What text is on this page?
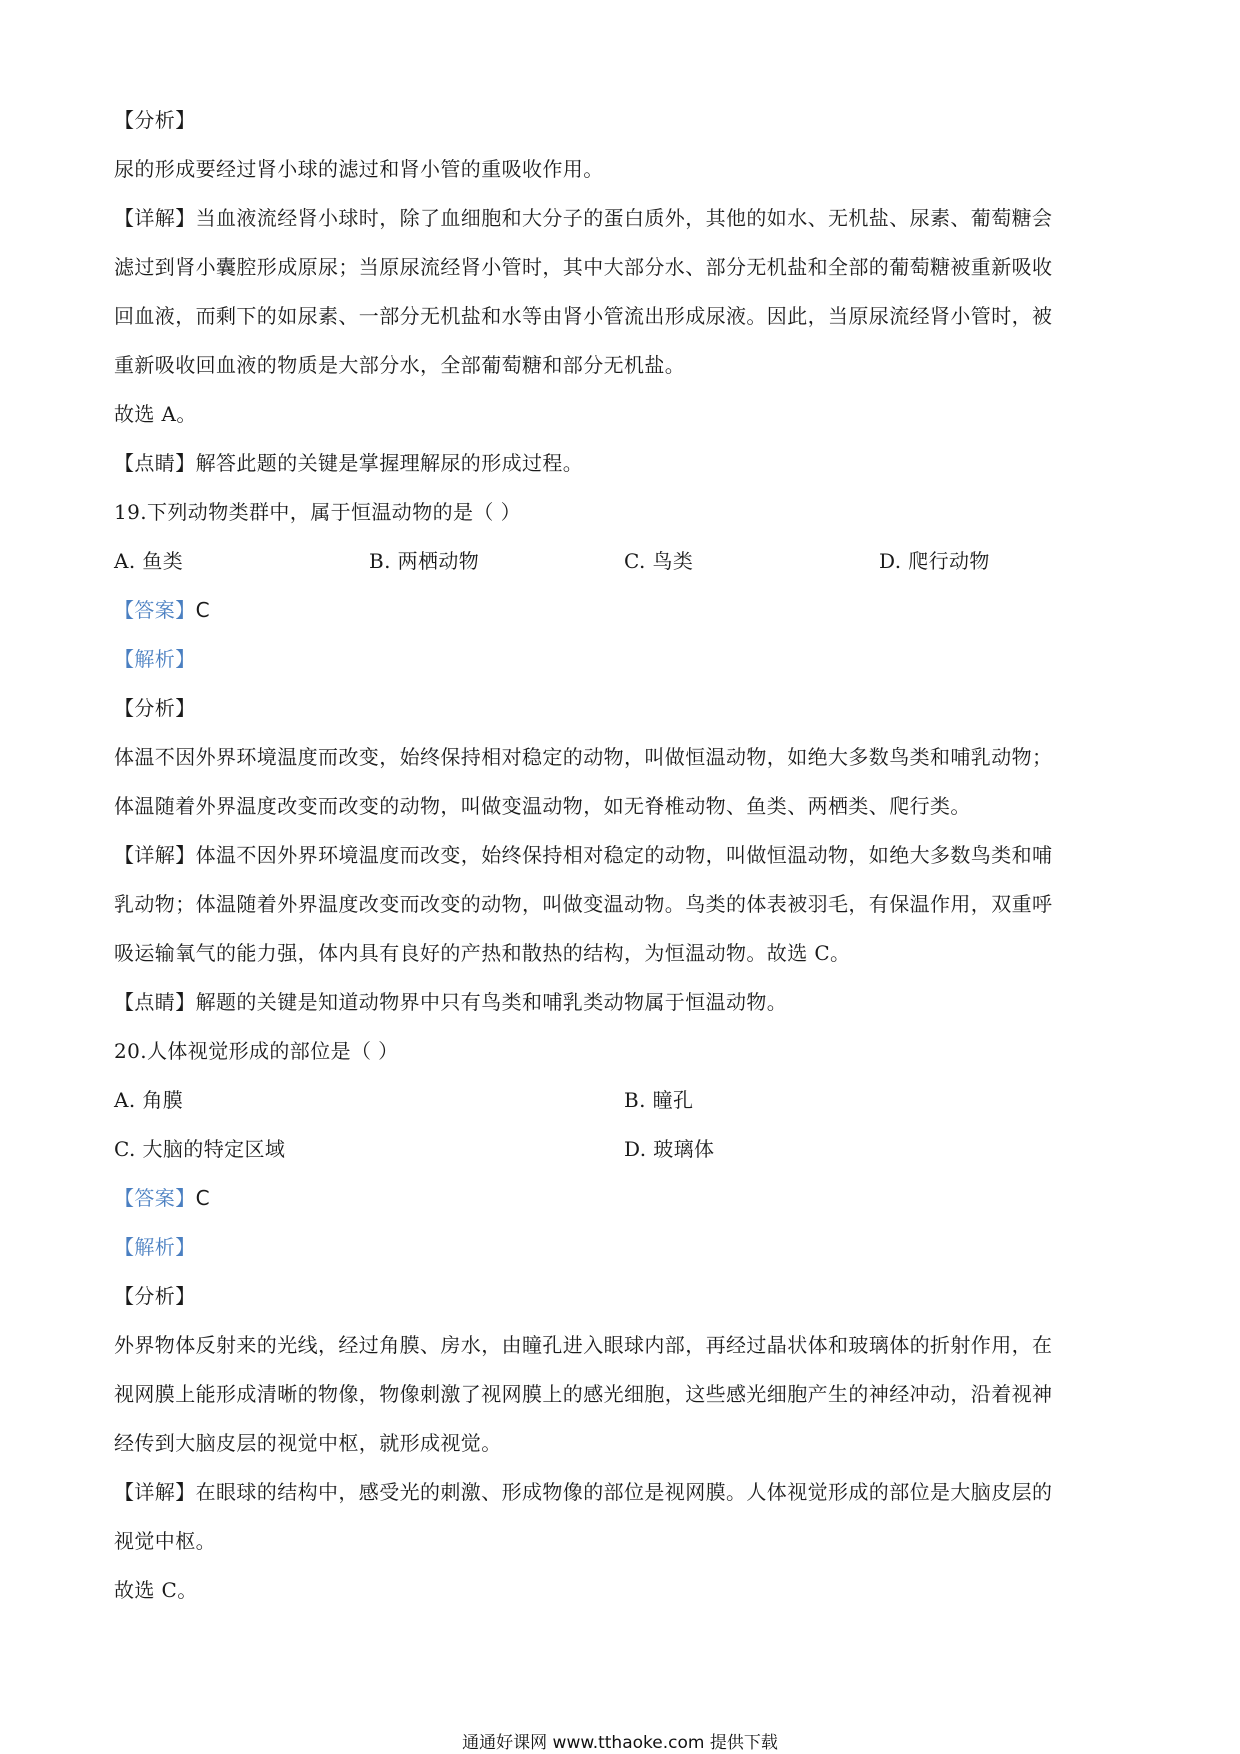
【分析】
尿的形成要经过肾小球的滤过和肾小管的重吸收作用。
【详解】当血液流经肾小球时，除了血细胞和大分子的蛋白质外，其他的如水、无机盐、尿素、葡萄糖会
滤过到肾小囊腔形成原尿；当原尿流经肾小管时，其中大部分水、部分无机盐和全部的葡萄糖被重新吸收
回血液，而剩下的如尿素、一部分无机盐和水等由肾小管流出形成尿液。因此，当原尿流经肾小管时，被
重新吸收回血液的物质是大部分水，全部葡萄糖和部分无机盐。
故选 A。
【点睛】解答此题的关键是掌握理解尿的形成过程。
19.下列动物类群中，属于恒温动物的是（ ）
A. 鱼类	B. 两栖动物	C. 鸟类	D. 爬行动物
【答案】C
【解析】
【分析】
体温不因外界环境温度而改变，始终保持相对稳定的动物，叫做恒温动物，如绝大多数鸟类和哺乳动物；
体温随着外界温度改变而改变的动物，叫做变温动物，如无脊椎动物、鱼类、两栖类、爬行类。
【详解】体温不因外界环境温度而改变，始终保持相对稳定的动物，叫做恒温动物，如绝大多数鸟类和哺
乳动物；体温随着外界温度改变而改变的动物，叫做变温动物。鸟类的体表被羽毛，有保温作用，双重呼
吸运输氧气的能力强，体内具有良好的产热和散热的结构，为恒温动物。故选 C。
【点睛】解题的关键是知道动物界中只有鸟类和哺乳类动物属于恒温动物。
20.人体视觉形成的部位是（ ）
A. 角膜	B. 瞳孔
C. 大脑的特定区域	D. 玻璃体
【答案】C
【解析】
【分析】
外界物体反射来的光线，经过角膜、房水，由瞳孔进入眼球内部，再经过晶状体和玻璃体的折射作用，在
视网膜上能形成清晰的物像，物像刺激了视网膜上的感光细胞，这些感光细胞产生的神经冲动，沿着视神
经传到大脑皮层的视觉中枢，就形成视觉。
【详解】在眼球的结构中，感受光的刺激、形成物像的部位是视网膜。人体视觉形成的部位是大脑皮层的
视觉中枢。
故选 C。
通通好课网 www.tthaoke.com 提供下载
